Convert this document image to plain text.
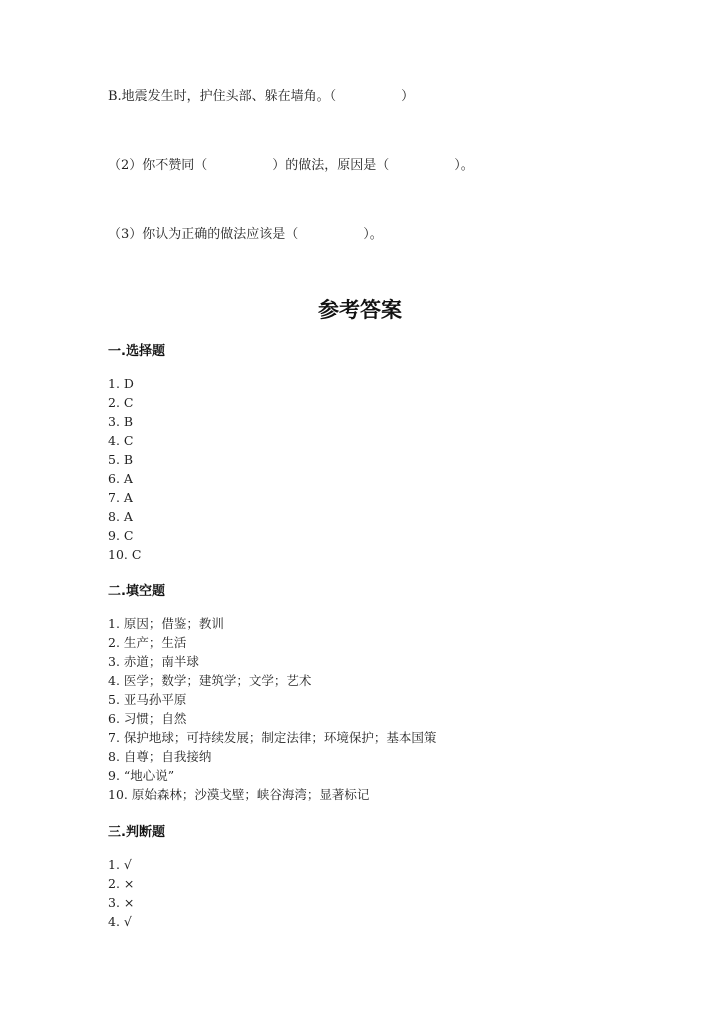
B.地震发生时，护住头部、躲在墙角。（　　　　　）
（2）你不赞同（　　　　　）的做法，原因是（　　　　　）。
（3）你认为正确的做法应该是（　　　　　）。
参考答案
一.选择题
1. D
2. C
3. B
4. C
5. B
6. A
7. A
8. A
9. C
10. C
二.填空题
1. 原因；借鉴；教训
2. 生产；生活
3. 赤道；南半球
4. 医学；数学；建筑学；文学；艺术
5. 亚马孙平原
6. 习惯；自然
7. 保护地球；可持续发展；制定法律；环境保护；基本国策
8. 自尊；自我接纳
9. “地心说”
10. 原始森林；沙漠戈壁；峡谷海湾；显著标记
三.判断题
1. √
2. ×
3. ×
4. √
